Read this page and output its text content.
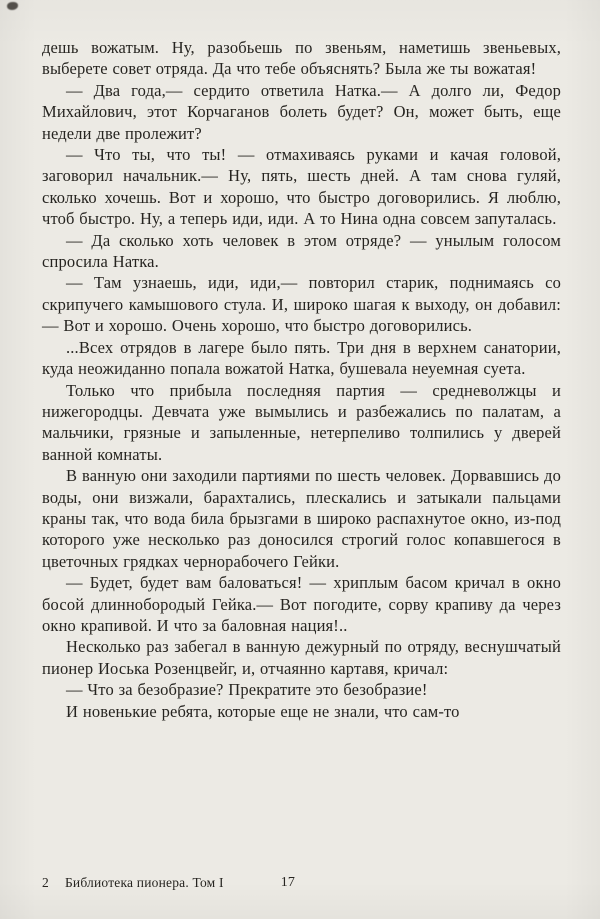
дешь вожатым. Ну, разобьешь по звеньям, наметишь звеньевых, выберете совет отряда. Да что тебе объяснять? Была же ты вожатая!

— Два года,— сердито ответила Натка.— А долго ли, Федор Михайлович, этот Корчаганов болеть будет? Он, может быть, еще недели две пролежит?

— Что ты, что ты! — отмахиваясь руками и качая головой, заговорил начальник.— Ну, пять, шесть дней. А там снова гуляй, сколько хочешь. Вот и хорошо, что быстро договорились. Я люблю, чтоб быстро. Ну, а теперь иди, иди. А то Нина одна совсем запуталась.

— Да сколько хоть человек в этом отряде? — унылым голосом спросила Натка.

— Там узнаешь, иди, иди,— повторил старик, поднимаясь со скрипучего камышового стула. И, широко шагая к выходу, он добавил: — Вот и хорошо. Очень хорошо, что быстро договорились.

...Всех отрядов в лагере было пять. Три дня в верхнем санатории, куда неожиданно попала вожатой Натка, бушевала неуемная суета.

Только что прибыла последняя партия — средневолжцы и нижегородцы. Девчата уже вымылись и разбежались по палатам, а мальчики, грязные и запыленные, нетерпеливо толпились у дверей ванной комнаты.

В ванную они заходили партиями по шесть человек. Дорвавшись до воды, они визжали, барахтались, плескались и затыкали пальцами краны так, что вода била брызгами в широко распахнутое окно, из-под которого уже несколько раз доносился строгий голос копавшегося в цветочных грядках чернорабочего Гейки.

— Будет, будет вам баловаться! — хриплым басом кричал в окно босой длиннобородый Гейка.— Вот погодите, сорву крапиву да через окно крапивой. И что за баловная нация!..

Несколько раз забегал в ванную дежурный по отряду, веснушчатый пионер Иоська Розенцвейг, и, отчаянно картавя, кричал:

— Что за безобразие? Прекратите это безобразие!

И новенькие ребята, которые еще не знали, что сам-то

2 Библиотека пионера. Том I	17
